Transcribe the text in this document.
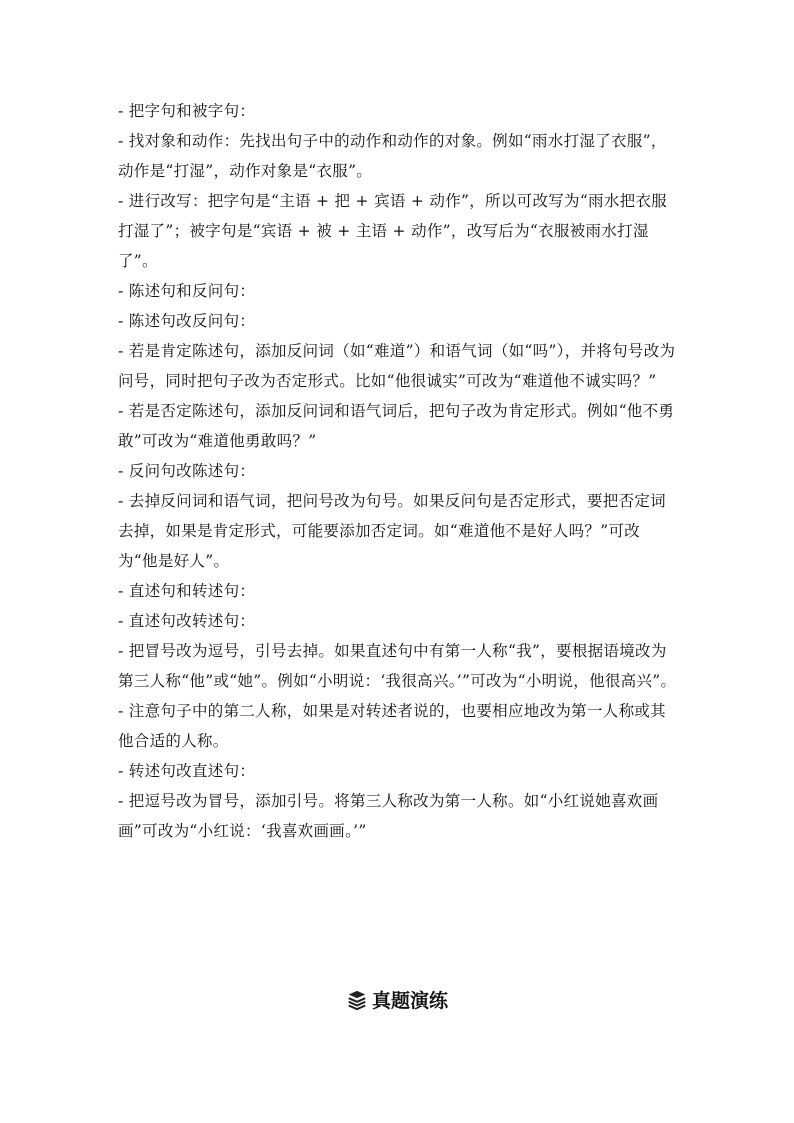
- 把字句和被字句：

- 找对象和动作：先找出句子中的动作和动作的对象。例如“雨水打湿了衣服”，动作是“打湿”，动作对象是“衣服”。

- 进行改写：把字句是“主语 + 把 + 宾语 + 动作”，所以可改写为“雨水把衣服打湿了”；被字句是“宾语 + 被 + 主语 + 动作”，改写后为“衣服被雨水打湿了”。

- 陈述句和反问句：

- 陈述句改反问句：

- 若是肯定陈述句，添加反问词（如“难道”）和语气词（如“吗”），并将句号改为问号，同时把句子改为否定形式。比如“他很诚实”可改为“难道他不诚实吗？”

- 若是否定陈述句，添加反问词和语气词后，把句子改为肯定形式。例如“他不勇敢”可改为“难道他勇敢吗？”

- 反问句改陈述句：

- 去掉反问词和语气词，把问号改为句号。如果反问句是否定形式，要把否定词去掉，如果是肯定形式，可能要添加否定词。如“难道他不是好人吗？”可改为“他是好人”。

- 直述句和转述句：

- 直述句改转述句：

- 把冒号改为逗号，引号去掉。如果直述句中有第一人称“我”，要根据语境改为第三人称“他”或“她”。例如“小明说：‘我很高兴。’”可改为“小明说，他很高兴”。

- 注意句子中的第二人称，如果是对转述者说的，也要相应地改为第一人称或其他合适的人称。

- 转述句改直述句：

- 把逗号改为冒号，添加引号。将第三人称改为第一人称。如“小红说她喜欢画画”可改为“小红说：‘我喜欢画画。’”

真题演练
